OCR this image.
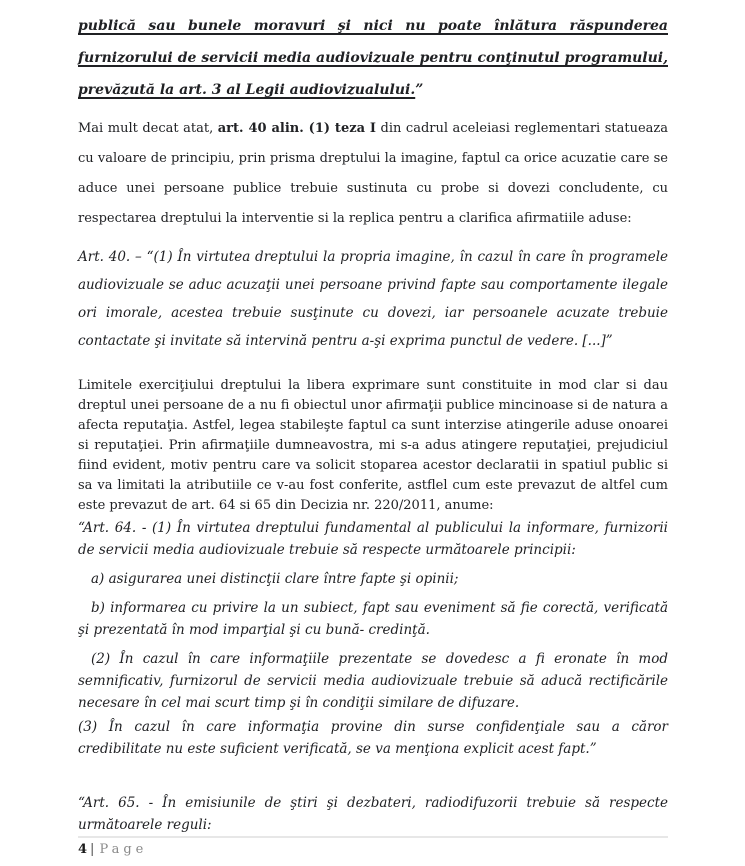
publică sau bunele moravuri şi nici nu poate înlătura răspunderea furnizorului de servicii media audiovizuale pentru conţinutul programului, prevăzută la art. 3 al Legii audiovizualului.”

Mai mult decat atat, art. 40 alin. (1) teza I din cadrul aceleiasi reglementari statueaza cu valoare de principiu, prin prisma dreptului la imagine, faptul ca orice acuzatie care se aduce unei persoane publice trebuie sustinuta cu probe si dovezi concludente, cu respectarea dreptului la interventie si la replica pentru a clarifica afirmatiile aduse:

Art. 40. – “(1) În virtutea dreptului la propria imagine, în cazul în care în programele audiovizuale se aduc acuzaţii unei persoane privind fapte sau comportamente ilegale ori imorale, acestea trebuie susţinute cu dovezi, iar persoanele acuzate trebuie contactate şi invitate să intervină pentru a-şi exprima punctul de vedere. [...]”

Limitele exerciţiului dreptului la libera exprimare sunt constituite in mod clar si dau dreptul unei persoane de a nu fi obiectul unor afirmaţii publice mincinoase si de natura a afecta reputaţia. Astfel, legea stabileşte faptul ca sunt interzise atingerile aduse onoarei si reputaţiei. Prin afirmaţiile dumneavostra, mi s-a adus atingere reputaţiei, prejudiciul fiind evident, motiv pentru care va solicit stoparea acestor declaratii in spatiul public si sa va limitati la atributiile ce v-au fost conferite, astflel cum este prevazut de altfel cum este prevazut de art. 64 si 65 din Decizia nr. 220/2011, anume:

“Art. 64. - (1) În virtutea dreptului fundamental al publicului la informare, furnizorii de servicii media audiovizuale trebuie să respecte următoarele principii:

a) asigurarea unei distincţii clare între fapte şi opinii;

b) informarea cu privire la un subiect, fapt sau eveniment să fie corectă, verificată şi prezentată în mod imparţial şi cu bună- credinţă.

(2) În cazul în care informaţiile prezentate se dovedesc a fi eronate în mod semnificativ, furnizorul de servicii media audiovizuale trebuie să aducă rectificările necesare în cel mai scurt timp şi în condiţii similare de difuzare.

(3) În cazul în care informaţia provine din surse confidenţiale sau a căror credibilitate nu este suficient verificată, se va menţiona explicit acest fapt.”

“Art. 65. - În emisiunile de ştiri şi dezbateri, radiodifuzorii trebuie să respecte următoarele reguli:

4 | Page
